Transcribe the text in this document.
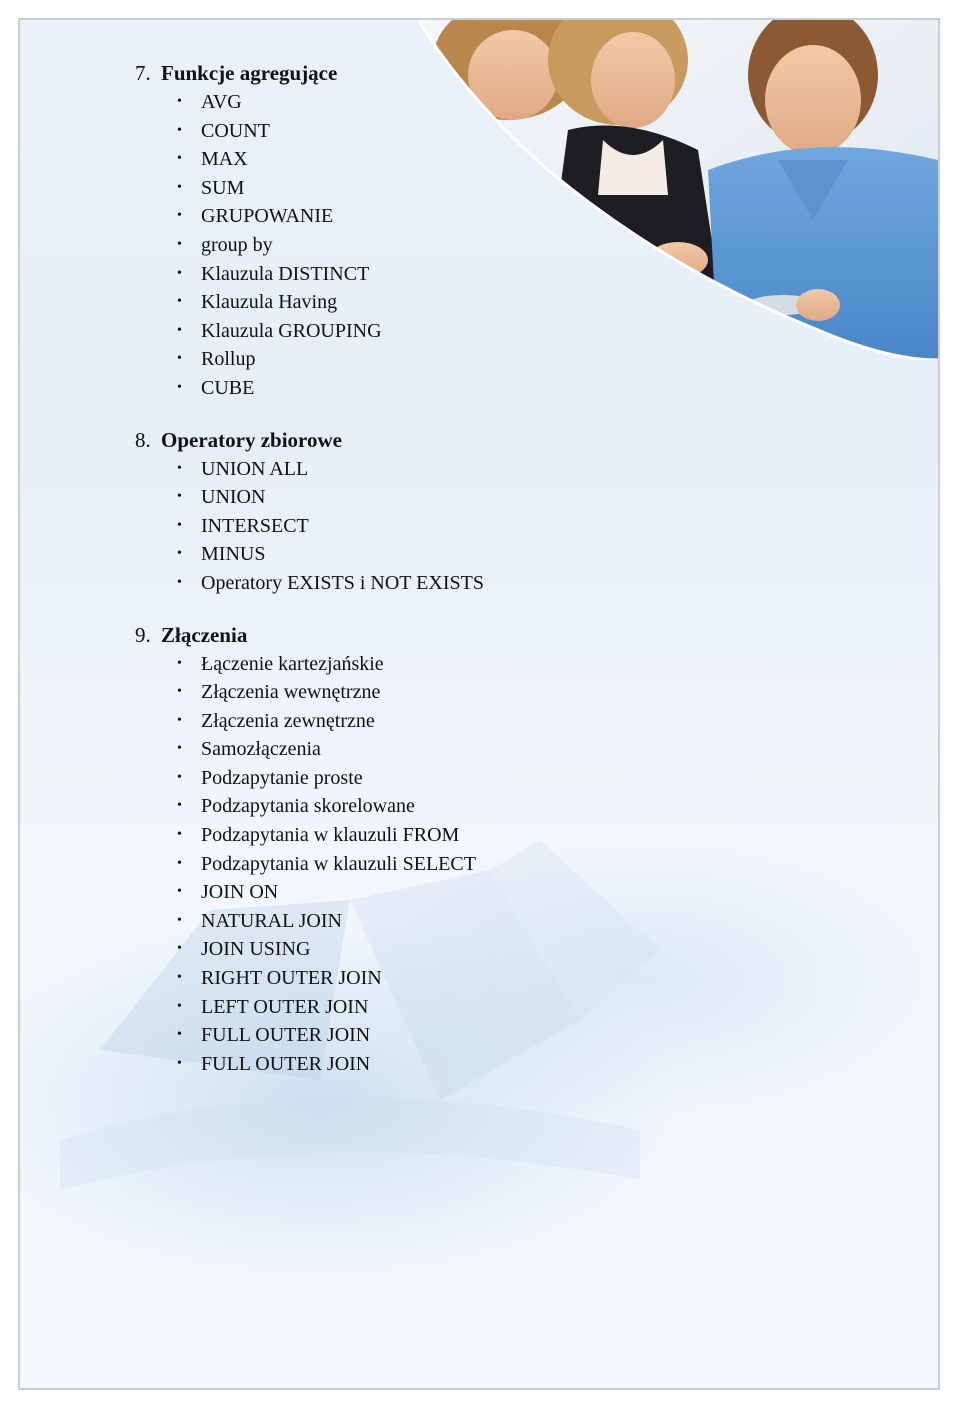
7. Funkcje agregujące
• AVG
• COUNT
• MAX
• SUM
• GRUPOWANIE
• group by
• Klauzula DISTINCT
• Klauzula Having
• Klauzula GROUPING
• Rollup
• CUBE
8. Operatory zbiorowe
• UNION ALL
• UNION
• INTERSECT
• MINUS
• Operatory EXISTS i NOT EXISTS
9. Złączenia
• Łączenie kartezjańskie
• Złączenia wewnętrzne
• Złączenia zewnętrzne
• Samozłączenia
• Podzapytanie proste
• Podzapytania skorelowane
• Podzapytania w klauzuli FROM
• Podzapytania w klauzuli SELECT
• JOIN ON
• NATURAL JOIN
• JOIN USING
• RIGHT OUTER JOIN
• LEFT OUTER JOIN
• FULL OUTER JOIN
• FULL OUTER JOIN
